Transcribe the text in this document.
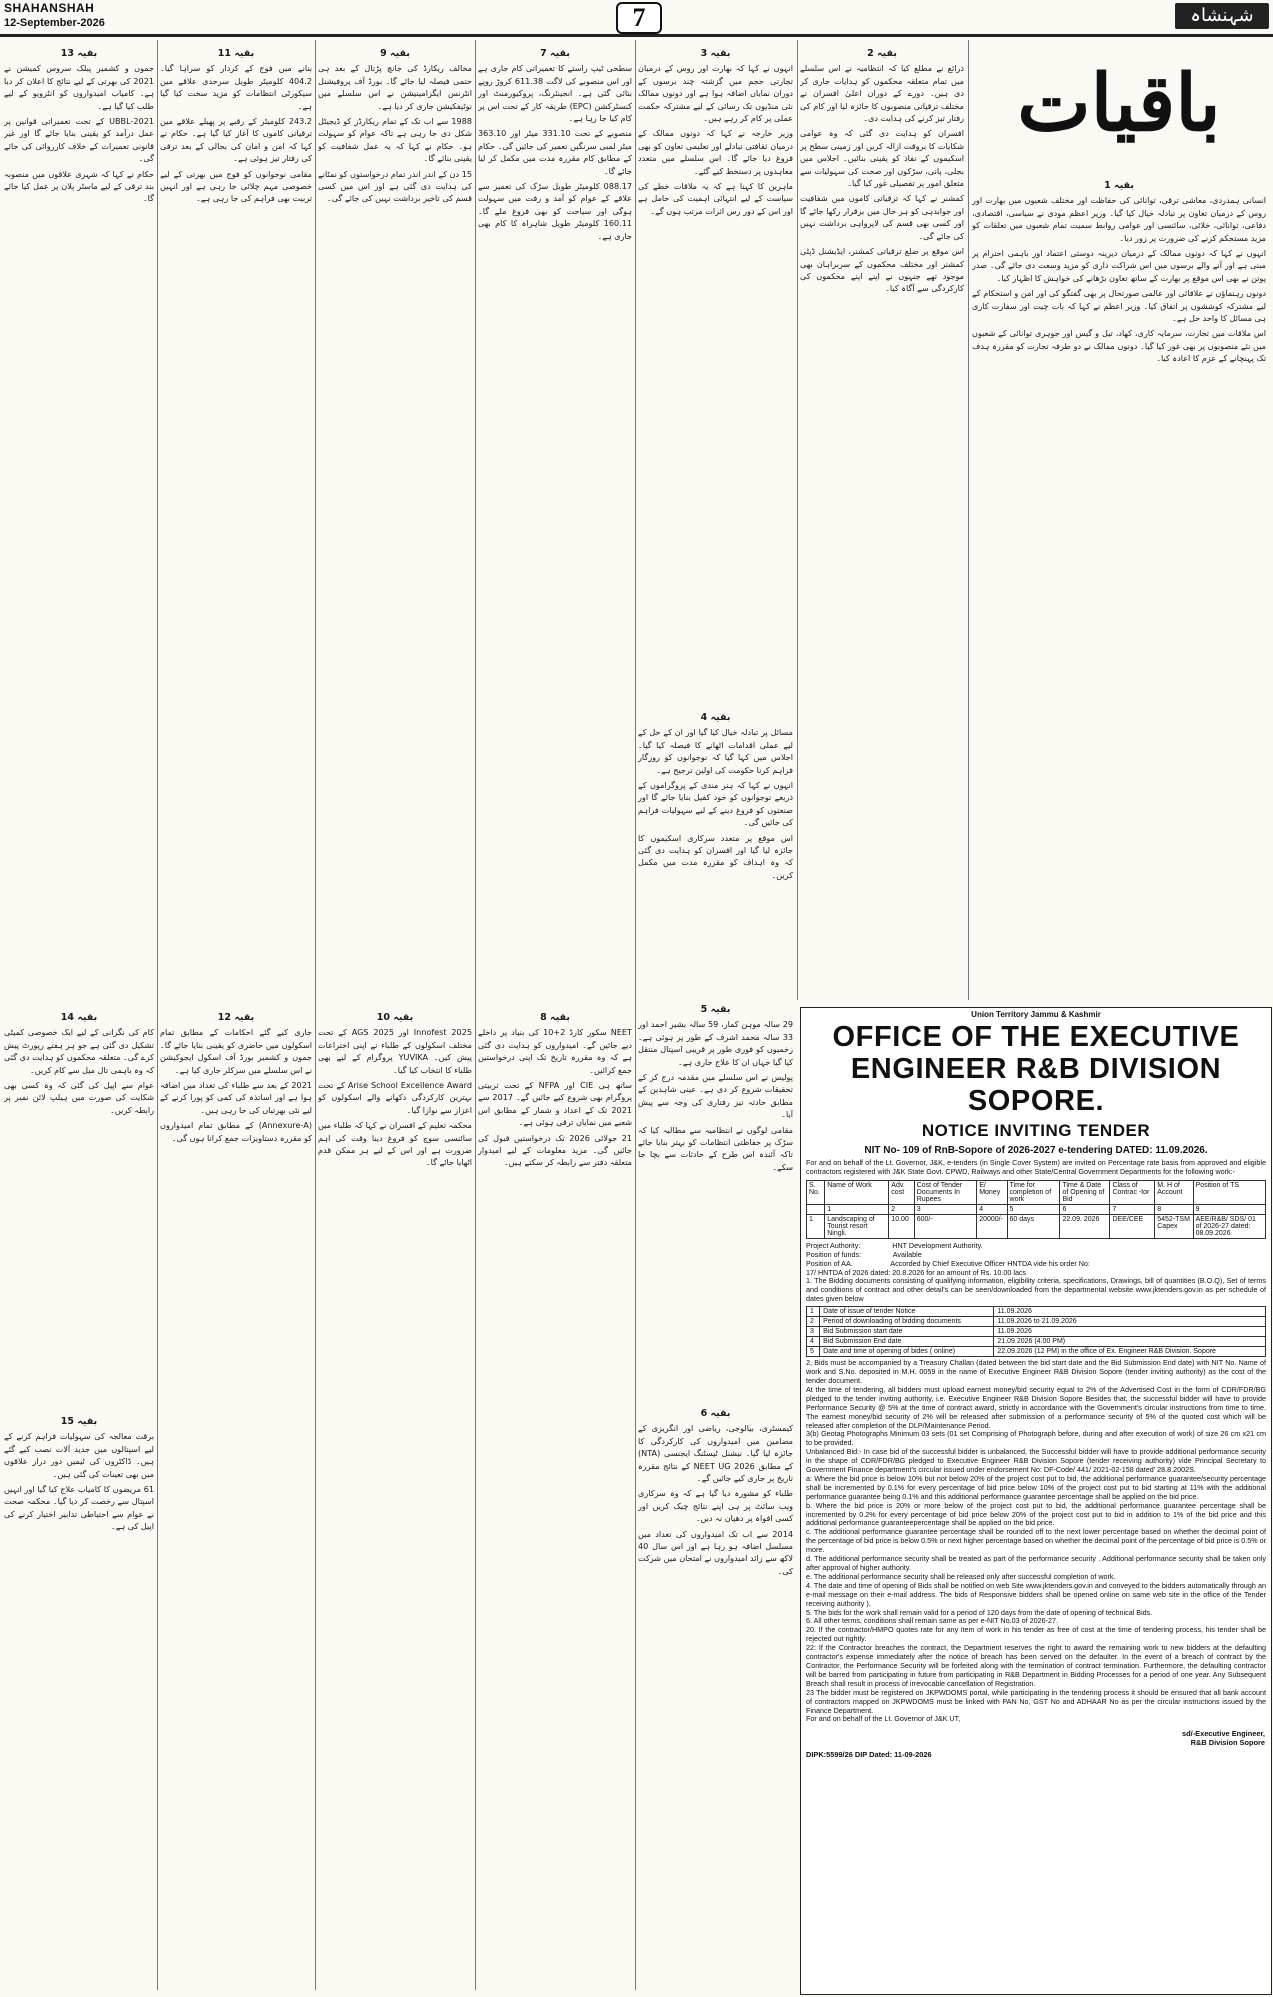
SHAHANSHAH
12-September-2026	7	شہنشاہ
باقیات
بقیہ 1

انسانی ہمدردی، معاشی ترقی، توانائی کی حفاظت اور مختلف شعبوں میں بھارت اور روس کے درمیان تعاون پر تبادلہ خیال کیا گیا۔ وزیر اعظم مودی نے سیاسی، اقتصادی، دفاعی، توانائی، خلائی، سائنسی اور عوامی روابط سمیت تمام شعبوں میں تعلقات کو مزید مستحکم کرنے کی ضرورت پر زور دیا۔

انہوں نے کہا کہ دونوں ممالک کے درمیان دیرینہ دوستی اعتماد اور باہمی احترام پر مبنی ہے اور آنے والے برسوں میں اس شراکت داری کو مزید وسعت دی جائے گی۔ صدر پوتن نے بھی اس موقع پر بھارت کے ساتھ تعاون بڑھانے کی خواہش کا اظہار کیا۔

دونوں رہنماؤں نے علاقائی اور عالمی صورتحال پر بھی گفتگو کی اور امن و استحکام کے لیے مشترکہ کوششوں پر اتفاق کیا۔ وزیر اعظم نے کہا کہ بات چیت اور سفارت کاری ہی مسائل کا واحد حل ہے۔

اس ملاقات میں تجارت، سرمایہ کاری، کھاد، تیل و گیس اور جوہری توانائی کے شعبوں میں نئے منصوبوں پر بھی غور کیا گیا۔ دونوں ممالک نے دو طرفہ تجارت کو مقررہ ہدف تک پہنچانے کے عزم کا اعادہ کیا۔

بقیہ 2

ذرائع نے مطلع کیا کہ انتظامیہ نے اس سلسلے میں تمام متعلقہ محکموں کو ہدایات جاری کر دی ہیں۔ دورے کے دوران اعلیٰ افسران نے مختلف ترقیاتی منصوبوں کا جائزہ لیا اور کام کی رفتار تیز کرنے کی ہدایت دی۔

افسران کو ہدایت دی گئی کہ وہ عوامی شکایات کا بروقت ازالہ کریں اور زمینی سطح پر اسکیموں کے نفاذ کو یقینی بنائیں۔ اجلاس میں بجلی، پانی، سڑکوں اور صحت کی سہولیات سے متعلق امور پر تفصیلی غور کیا گیا۔

کمشنر نے کہا کہ ترقیاتی کاموں میں شفافیت اور جوابدہی کو ہر حال میں برقرار رکھا جائے گا اور کسی بھی قسم کی لاپرواہی برداشت نہیں کی جائے گی۔

اس موقع پر ضلع ترقیاتی کمشنر، ایڈیشنل ڈپٹی کمشنر اور مختلف محکموں کے سربراہان بھی موجود تھے جنہوں نے اپنے اپنے محکموں کی کارکردگی سے آگاہ کیا۔

بقیہ 3

انہوں نے کہا کہ بھارت اور روس کے درمیان تجارتی حجم میں گزشتہ چند برسوں کے دوران نمایاں اضافہ ہوا ہے اور دونوں ممالک نئی منڈیوں تک رسائی کے لیے مشترکہ حکمت عملی پر کام کر رہے ہیں۔

وزیر خارجہ نے کہا کہ دونوں ممالک کے درمیان ثقافتی تبادلے اور تعلیمی تعاون کو بھی فروغ دیا جائے گا۔ اس سلسلے میں متعدد معاہدوں پر دستخط کیے گئے۔

ماہرین کا کہنا ہے کہ یہ ملاقات خطے کی سیاست کے لیے انتہائی اہمیت کی حامل ہے اور اس کے دور رس اثرات مرتب ہوں گے۔

بقیہ 4

مسائل پر تبادلہ خیال کیا گیا اور ان کے حل کے لیے عملی اقدامات اٹھانے کا فیصلہ کیا گیا۔ اجلاس میں کہا گیا کہ نوجوانوں کو روزگار فراہم کرنا حکومت کی اولین ترجیح ہے۔

انہوں نے کہا کہ ہنر مندی کے پروگراموں کے ذریعے نوجوانوں کو خود کفیل بنایا جائے گا اور صنعتوں کو فروغ دینے کے لیے سہولیات فراہم کی جائیں گی۔

اس موقع پر متعدد سرکاری اسکیموں کا جائزہ لیا گیا اور افسران کو ہدایت دی گئی کہ وہ اہداف کو مقررہ مدت میں مکمل کریں۔

بقیہ 5

29 سالہ موہن کمار، 59 سالہ بشیر احمد اور 33 سالہ محمد اشرف کے طور پر ہوئی ہے۔ زخمیوں کو فوری طور پر قریبی اسپتال منتقل کیا گیا جہاں ان کا علاج جاری ہے۔

پولیس نے اس سلسلے میں مقدمہ درج کر کے تحقیقات شروع کر دی ہے۔ عینی شاہدین کے مطابق حادثہ تیز رفتاری کی وجہ سے پیش آیا۔

مقامی لوگوں نے انتظامیہ سے مطالبہ کیا کہ سڑک پر حفاظتی انتظامات کو بہتر بنایا جائے تاکہ آئندہ اس طرح کے حادثات سے بچا جا سکے۔

بقیہ 6

کیمسٹری، بیالوجی، ریاضی اور انگریزی کے مضامین میں امیدواروں کی کارکردگی کا جائزہ لیا گیا۔ نیشنل ٹیسٹنگ ایجنسی (NTA) کے مطابق NEET UG 2026 کے نتائج مقررہ تاریخ پر جاری کیے جائیں گے۔

طلباء کو مشورہ دیا گیا ہے کہ وہ سرکاری ویب سائٹ پر ہی اپنے نتائج چیک کریں اور کسی افواہ پر دھیان نہ دیں۔

2014 سے اب تک امیدواروں کی تعداد میں مسلسل اضافہ ہو رہا ہے اور اس سال 40 لاکھ سے زائد امیدواروں نے امتحان میں شرکت کی۔

بقیہ 7

سطحی ٹیپ راستے کا تعمیراتی کام جاری ہے اور اس منصوبے کی لاگت 611.38 کروڑ روپے بتائی گئی ہے۔ انجینئرنگ، پروکیورمنٹ اور کنسٹرکشن (EPC) طریقہ کار کے تحت اس پر کام کیا جا رہا ہے۔

منصوبے کے تحت 331.10 میٹر اور 363.10 میٹر لمبی سرنگیں تعمیر کی جائیں گی۔ حکام کے مطابق کام مقررہ مدت میں مکمل کر لیا جائے گا۔

088.17 کلومیٹر طویل سڑک کی تعمیر سے علاقے کے عوام کو آمد و رفت میں سہولت ہوگی اور سیاحت کو بھی فروغ ملے گا۔ 160.11 کلومیٹر طویل شاہراہ کا کام بھی جاری ہے۔

بقیہ 8

NEET سکور کارڈ 2+10 کی بنیاد پر داخلے دیے جائیں گے۔ امیدواروں کو ہدایت دی گئی ہے کہ وہ مقررہ تاریخ تک اپنی درخواستیں جمع کرائیں۔

ساتھ ہی CIE اور NFPA کے تحت تربیتی پروگرام بھی شروع کیے جائیں گے۔ 2017 سے 2021 تک کے اعداد و شمار کے مطابق اس شعبے میں نمایاں ترقی ہوئی ہے۔

21 جولائی 2026 تک درخواستیں قبول کی جائیں گی۔ مزید معلومات کے لیے امیدوار متعلقہ دفتر سے رابطہ کر سکتے ہیں۔

بقیہ 9

مخالف ریکارڈ کی جانچ پڑتال کے بعد ہی حتمی فیصلہ لیا جائے گا۔ بورڈ آف پروفیشنل انٹرنس ایگزامینیشن نے اس سلسلے میں نوٹیفکیشن جاری کر دیا ہے۔

1988 سے اب تک کے تمام ریکارڈز کو ڈیجیٹل شکل دی جا رہی ہے تاکہ عوام کو سہولت ہو۔ حکام نے کہا کہ یہ عمل شفافیت کو یقینی بنائے گا۔

15 دن کے اندر اندر تمام درخواستوں کو نمٹانے کی ہدایت دی گئی ہے اور اس میں کسی قسم کی تاخیر برداشت نہیں کی جائے گی۔

بقیہ 10

Innofest 2025 اور AGS 2025 کے تحت مختلف اسکولوں کے طلباء نے اپنی اختراعات پیش کیں۔ YUVIKA پروگرام کے لیے بھی طلباء کا انتخاب کیا گیا۔

Arise School Excellence Award کے تحت بہترین کارکردگی دکھانے والے اسکولوں کو اعزاز سے نوازا گیا۔

محکمہ تعلیم کے افسران نے کہا کہ طلباء میں سائنسی سوچ کو فروغ دینا وقت کی اہم ضرورت ہے اور اس کے لیے ہر ممکن قدم اٹھایا جائے گا۔

بقیہ 11

بنانے میں فوج کے کردار کو سراہا گیا۔ 404.2 کلومیٹر طویل سرحدی علاقے میں سیکورٹی انتظامات کو مزید سخت کیا گیا ہے۔

243.2 کلومیٹر کے رقبے پر پھیلے علاقے میں ترقیاتی کاموں کا آغاز کیا گیا ہے۔ حکام نے کہا کہ امن و امان کی بحالی کے بعد ترقی کی رفتار تیز ہوئی ہے۔

مقامی نوجوانوں کو فوج میں بھرتی کے لیے خصوصی مہم چلائی جا رہی ہے اور انہیں تربیت بھی فراہم کی جا رہی ہے۔

بقیہ 12

جاری کیے گئے احکامات کے مطابق تمام اسکولوں میں حاضری کو یقینی بنایا جائے گا۔ جموں و کشمیر بورڈ آف اسکول ایجوکیشن نے اس سلسلے میں سرکلر جاری کیا ہے۔

2021 کے بعد سے طلباء کی تعداد میں اضافہ ہوا ہے اور اساتذہ کی کمی کو پورا کرنے کے لیے نئی بھرتیاں کی جا رہی ہیں۔

(Annexure-A) کے مطابق تمام امیدواروں کو مقررہ دستاویزات جمع کرانا ہوں گی۔

بقیہ 13

جموں و کشمیر پبلک سروس کمیشن نے 2021 کی بھرتی کے لیے نتائج کا اعلان کر دیا ہے۔ کامیاب امیدواروں کو انٹرویو کے لیے طلب کیا گیا ہے۔

UBBL-2021 کے تحت تعمیراتی قوانین پر عمل درآمد کو یقینی بنایا جائے گا اور غیر قانونی تعمیرات کے خلاف کارروائی کی جائے گی۔

حکام نے کہا کہ شہری علاقوں میں منصوبہ بند ترقی کے لیے ماسٹر پلان پر عمل کیا جائے گا۔

بقیہ 14

کام کی نگرانی کے لیے ایک خصوصی کمیٹی تشکیل دی گئی ہے جو ہر ہفتے رپورٹ پیش کرے گی۔ متعلقہ محکموں کو ہدایت دی گئی کہ وہ باہمی تال میل سے کام کریں۔

عوام سے اپیل کی گئی کہ وہ کسی بھی شکایت کی صورت میں ہیلپ لائن نمبر پر رابطہ کریں۔

بقیہ 15

برقت معالجہ کی سہولیات فراہم کرنے کے لیے اسپتالوں میں جدید آلات نصب کیے گئے ہیں۔ ڈاکٹروں کی ٹیمیں دور دراز علاقوں میں بھی تعینات کی گئی ہیں۔

61 مریضوں کا کامیاب علاج کیا گیا اور انہیں اسپتال سے رخصت کر دیا گیا۔ محکمہ صحت نے عوام سے احتیاطی تدابیر اختیار کرنے کی اپیل کی ہے۔

Union Territory Jammu & Kashmir
OFFICE OF THE EXECUTIVE ENGINEER R&B DIVISION SOPORE.
NOTICE INVITING TENDER
NIT No- 109 of RnB-Sopore of 2026-2027 e-tendering DATED: 11.09.2026.
For and on behalf of the Lt. Governor, J&K, e-tenders (in Single Cover System) are invited on Percentage rate basis from approved and eligible contractors registered with J&K State Govt. CPWD, Railways and other State/Central Government Departments for the following work:-
S. No.	Name of Work	Adv. cost	Cost of Tender Documents In Rupees	E/ Money	Time for completion of work	Time & Date of Opening of Bid	Class of Contrac -tor	M. H of Account	Position of TS
	1	2	3	4	5	6	7	8	9
1	Landscaping of Tourist resort Ningli.	10.00	600/-	20000/-	60 days	22.09. 2026	DEE/CEE	5452-TSM Capex	AEE/R&B/ SDS/ 01 of 2026-27 dated: 08.09.2026
Project Authority:                HNT Development Authority.
Position of funds:                Available
Position of AA.                   Accorded by Chief Executive Officer HNTDA vide his order No:
17/ HNTDA of 2026 dated: 20.8.2026 for an amount of Rs. 10.00 lacs
1. The Bidding documents consisting of qualifying information, eligibility criteria, specifications, Drawings, bill of quantities (B.O.Q), Set of terms and conditions of contract and other detail's can be seen/downloaded from the departmental website www.jktenders.gov.in as per schedule of dates given below
1	Date of issue of tender Notice	11.09.2026
2	Period of downloading of bidding documents	11.09.2026 to 21.09.2026
3	Bid Submission start date	11.09.2026
4	Bid Submission End date	21.09.2026 (4.00 PM)
5	Date and time of opening of bides ( online)	22.09.2026 (12 PM) in the office of Ex. Engineer R&B Division. Sopore
2, Bids must be accompanied by a Treasury Challan (dated between the bid start date and the Bid Submission End date) with NIT No. Name of work and S.No. deposited in M.H. 0059 in the name of Executive Engineer R&B Division Sopore (tender inviting authority) as the cost of the tender document.
At the time of tendering, all bidders must upload earnest money/bid security equal to 2% of the Advertised Cost in the form of CDR/FDR/BG pledged to the tender inviting authority, i.e. Executive Engineer R&B Division Sopore Besides that, the successful bidder will have to provide Performance Security @ 5% at the time of contract award, strictly in accordance with the Government's circular instructions from time to time. The earnest money/bid security of 2% will be released after submission of a performance security of 5% of the quoted cost which will be released after completion of the DLP/Maintenance Period.
3(b) Geotag Photographs Minimum 03 sets (01 set Comprising of Photograph before, during and after execution of work) of size 26 cm x21 cm to be provided.
Unbalanced Bid:- In case bid of the successful bidder is unbalanced, the Successful bidder will have to provide additional performance security in the shape of CDR/FDR/BG pledged to Executive Engineer R&B Division Sopore (tender receiving authority) vide Principal Secretary to Government Finance department's circular issued under endorsement No: DF-Code/ 441/ 2021-02-158 dated' 28.8.2002S.
a: Where the bid price is below 10% but not below 20% of the project cost put to bid, the additional performance guarantee/security percentage shall be incremented by 0.1% for every percentage of bid price below 10% of the project cost put to bid starting at 11% with the additional performance guarantee being 0.1% and this additional performance guarantee percentage shall be applied on the bid price.
b. Where the bid price is 20% or more below of the project cost put to bid, the additional performance guarantee percentage shall be incremented by 0.2% for every percentage of bid price below 20% of the project cost put to bid in addition to 1% of the bid price and this additional performance guaranteepercentage shall be applied on the bid price.
c. The additional performance guarantee percentage shall be rounded off to the next lower percentage based on whether the decimal point of the percentage of bid price is below 0.5% or next higher percentage based on whether the decimal point of the percentage of bid price is 0.5% or more.
d. The additional performance security shall be treated as part of the performance security . Additional performance security shall be taken only after approval of higher authority.
e. The additional performance security shall be released only after successful completion of work.
4. The date and time of opening of Bids shall be notified on web Site www.jktenders.gov.in and conveyed to the bidders automatically through an e-mail message on their e-mail address. The bids of Responsive bidders shall be opened online on same web site in the office of the Tender receiving authority ).
5. The bids for the work shall remain valid for a period of 120 days from the date of opening of technical Bids.
6. All other terms, conditions shall remain same as per e-NIT No.03 of 2026-27.
20. If the contractor/HMPO quotes rate for any item of work in his tender as free of cost at the time of tendering process, his tender shall be rejected out rightly.
22: If the Contractor breaches the contract, the Department reserves the right to award the remaining work to new bidders at the defaulting contractor's expense immediately after the notice of breach has been served on the defaulter. In the event of a breach of contract by the Contractor, the Performance Security will be forfeited along with the termination of contract termination. Furthermore, the defaulting contractor will be barred from participating in future from participating in R&B Department in Bidding Processes for a period of one year. Any Subsequent Breach shall result in process of irrevocable cancellation of Registration.
23 The bidder must be registered on JKPWDOMS portal, while participating in the tendering process it should be ensured that all bank account of contractors mapped on JKPWDOMS must be linked with PAN No, GST No and ADHAAR No as per the circular instructions issued by the Finance Department.
For and on behalf of the Lt. Governor of J&K UT,
sd/-Executive Engineer,
R&B Division Sopore
DIPK:5599/26 DIP Dated: 11-09-2026
